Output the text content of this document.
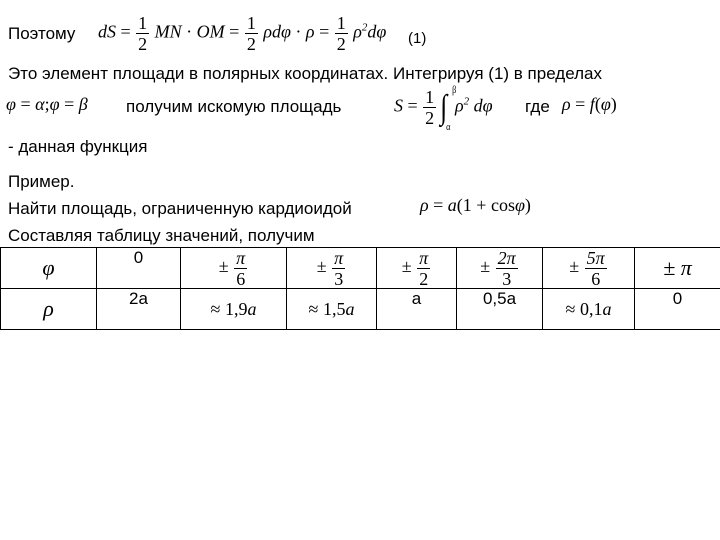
Поэтому dS = $\frac{1}{2}$ MN · OM = $\frac{1}{2}$ $\rho d\varphi \cdot \rho = \frac{1}{2} \rho^2d\varphi$ (1)
Это элемент площади в полярных координатах. Интегрируя (1) в пределах
φ = α;φ = β получим искомую площадь	$S = \frac{1}{2}$ ∫ β
α
$\rho^2$ dφ где ρ = f(φ)
- данная функция
Пример.
Найти площадь, ограниченную кардиоидой	ρ = a(1 + cosφ)
Составляя таблицу значений, получим
φ	0	± $\frac{\pi}{6}$	± $\frac{\pi}{3}$	± $\frac{\pi}{2}$	± $\frac{2\pi}{3}$	± $\frac{5\pi}{6}$	± π
ρ	2a	≈ 1,9a	≈ 1,5a	a	0,5a	≈ 0,1a	0
